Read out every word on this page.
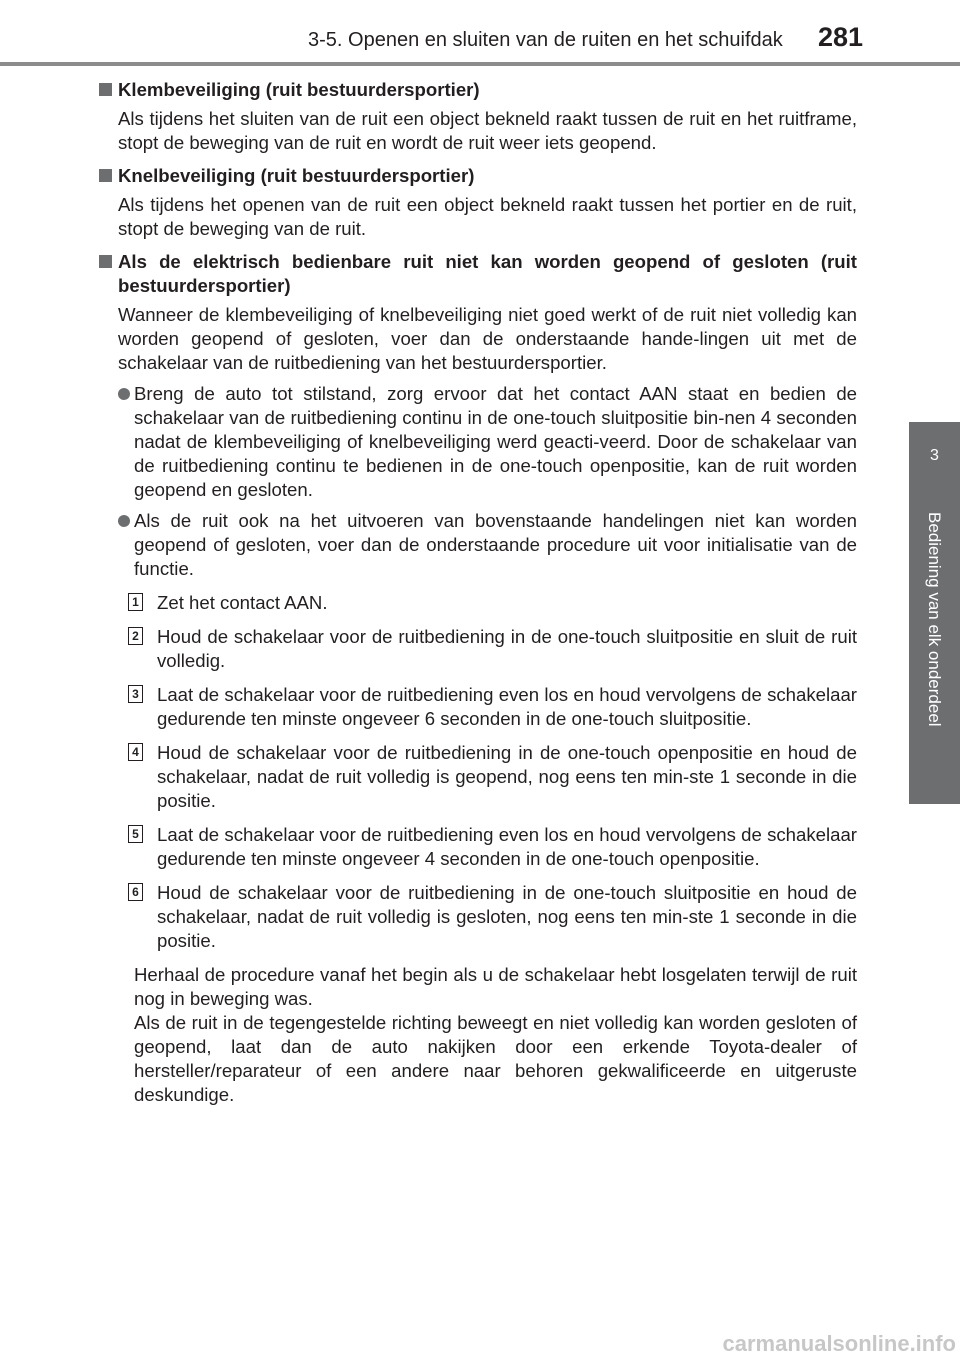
3-5. Openen en sluiten van de ruiten en het schuifdak	281
3
Bediening van elk onderdeel
Klembeveiliging (ruit bestuurdersportier)

Als tijdens het sluiten van de ruit een object bekneld raakt tussen de ruit en het ruitframe, stopt de beweging van de ruit en wordt de ruit weer iets geopend.

Knelbeveiliging (ruit bestuurdersportier)

Als tijdens het openen van de ruit een object bekneld raakt tussen het portier en de ruit, stopt de beweging van de ruit.

Als de elektrisch bedienbare ruit niet kan worden geopend of gesloten (ruit bestuurdersportier)

Wanneer de klembeveiliging of knelbeveiliging niet goed werkt of de ruit niet volledig kan worden geopend of gesloten, voer dan de onderstaande hande-lingen uit met de schakelaar van de ruitbediening van het bestuurdersportier.

Breng de auto tot stilstand, zorg ervoor dat het contact AAN staat en bedien de schakelaar van de ruitbediening continu in de one-touch sluitpositie bin-nen 4 seconden nadat de klembeveiliging of knelbeveiliging werd geacti-veerd. Door de schakelaar van de ruitbediening continu te bedienen in de one-touch openpositie, kan de ruit worden geopend en gesloten.
Als de ruit ook na het uitvoeren van bovenstaande handelingen niet kan worden geopend of gesloten, voer dan de onderstaande procedure uit voor initialisatie van de functie.
1 Zet het contact AAN.
2 Houd de schakelaar voor de ruitbediening in de one-touch sluitpositie en sluit de ruit volledig.
3 Laat de schakelaar voor de ruitbediening even los en houd vervolgens de schakelaar gedurende ten minste ongeveer 6 seconden in de one-touch sluitpositie.
4 Houd de schakelaar voor de ruitbediening in de one-touch openpositie en houd de schakelaar, nadat de ruit volledig is geopend, nog eens ten min-ste 1 seconde in die positie.
5 Laat de schakelaar voor de ruitbediening even los en houd vervolgens de schakelaar gedurende ten minste ongeveer 4 seconden in de one-touch openpositie.
6 Houd de schakelaar voor de ruitbediening in de one-touch sluitpositie en houd de schakelaar, nadat de ruit volledig is gesloten, nog eens ten min-ste 1 seconde in die positie.
Herhaal de procedure vanaf het begin als u de schakelaar hebt losgelaten terwijl de ruit nog in beweging was.
Als de ruit in de tegengestelde richting beweegt en niet volledig kan worden gesloten of geopend, laat dan de auto nakijken door een erkende Toyota-dealer of hersteller/reparateur of een andere naar behoren gekwalificeerde en uitgeruste deskundige.
carmanualsonline.info
